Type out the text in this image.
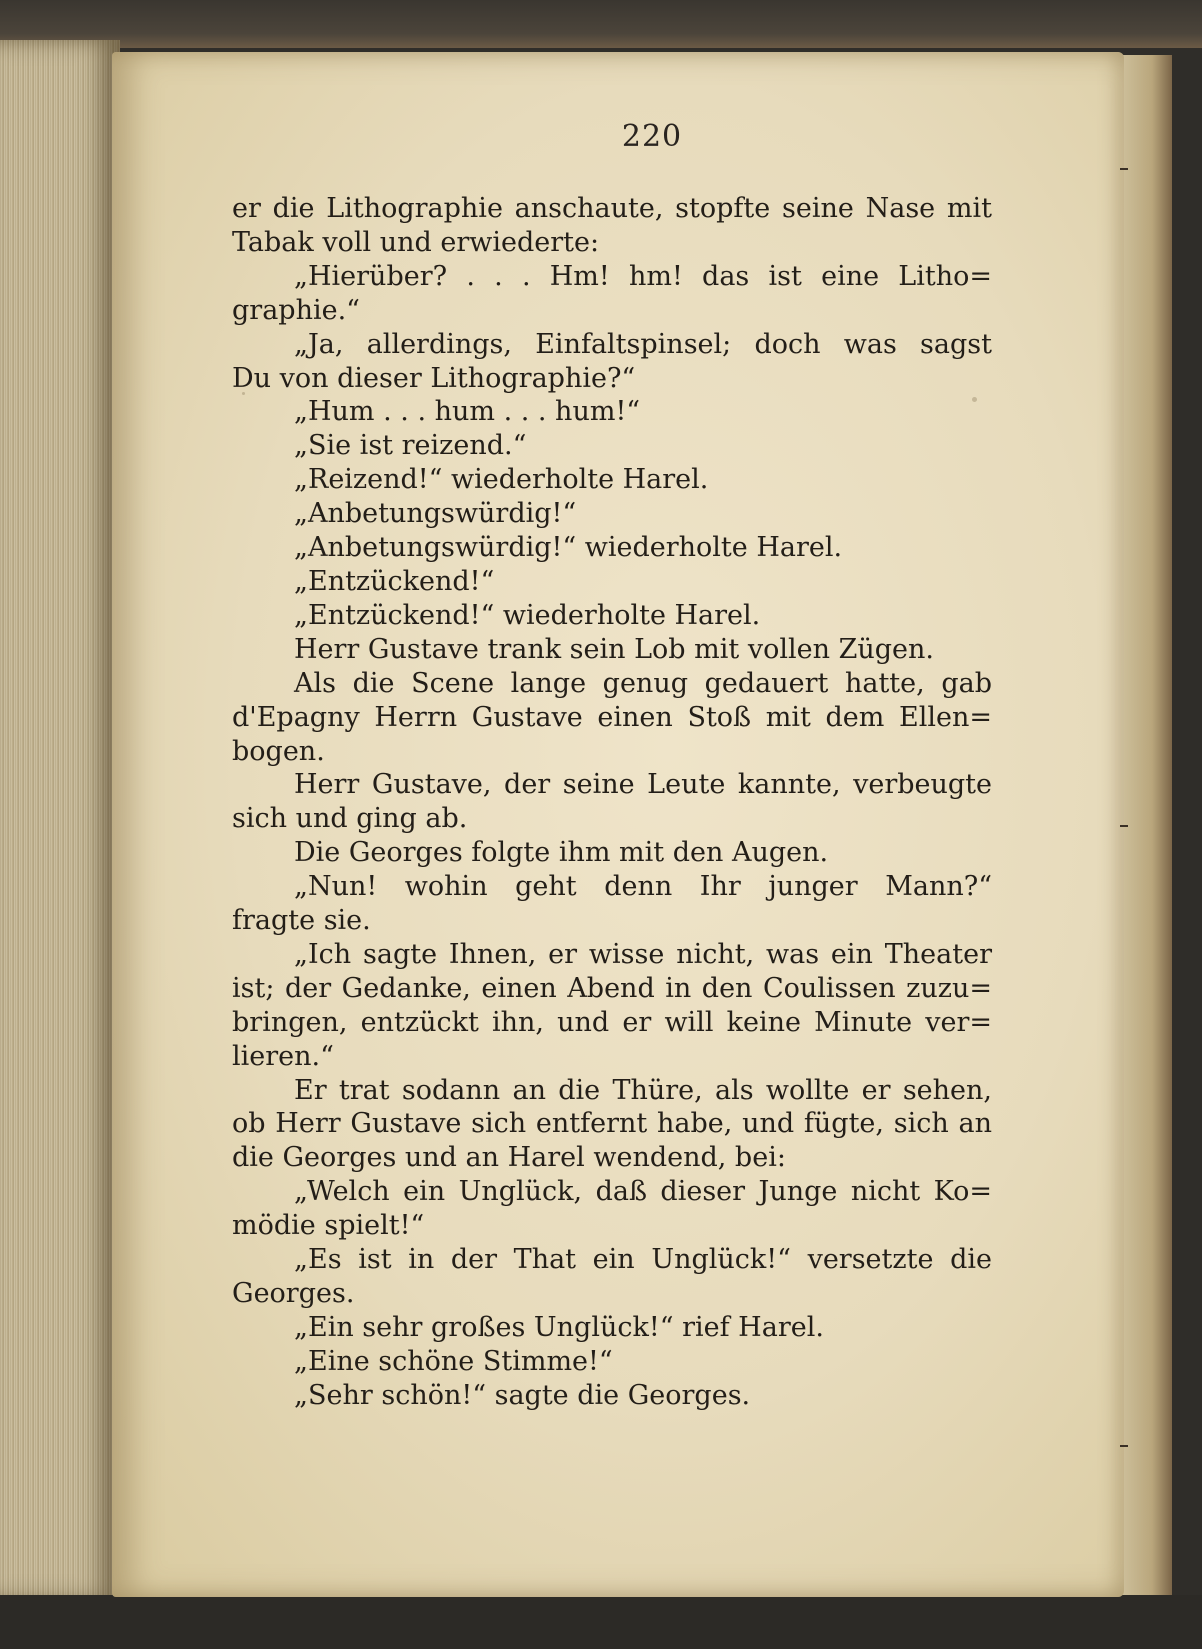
220
er die Lithographie anschaute, stopfte seine Nase mit
Tabak voll und erwiederte:
„Hierüber? . . . Hm! hm! das ist eine Litho=
graphie.“
„Ja, allerdings, Einfaltspinsel; doch was sagst
Du von dieser Lithographie?“
„Hum . . . hum . . . hum!“
„Sie ist reizend.“
„Reizend!“ wiederholte Harel.
„Anbetungswürdig!“
„Anbetungswürdig!“ wiederholte Harel.
„Entzückend!“
„Entzückend!“ wiederholte Harel.
Herr Gustave trank sein Lob mit vollen Zügen.
Als die Scene lange genug gedauert hatte, gab
d'Epagny Herrn Gustave einen Stoß mit dem Ellen=
bogen.
Herr Gustave, der seine Leute kannte, verbeugte
sich und ging ab.
Die Georges folgte ihm mit den Augen.
„Nun! wohin geht denn Ihr junger Mann?“
fragte sie.
„Ich sagte Ihnen, er wisse nicht, was ein Theater
ist; der Gedanke, einen Abend in den Coulissen zuzu=
bringen, entzückt ihn, und er will keine Minute ver=
lieren.“
Er trat sodann an die Thüre, als wollte er sehen,
ob Herr Gustave sich entfernt habe, und fügte, sich an
die Georges und an Harel wendend, bei:
„Welch ein Unglück, daß dieser Junge nicht Ko=
mödie spielt!“
„Es ist in der That ein Unglück!“ versetzte die
Georges.
„Ein sehr großes Unglück!“ rief Harel.
„Eine schöne Stimme!“
„Sehr schön!“ sagte die Georges.
